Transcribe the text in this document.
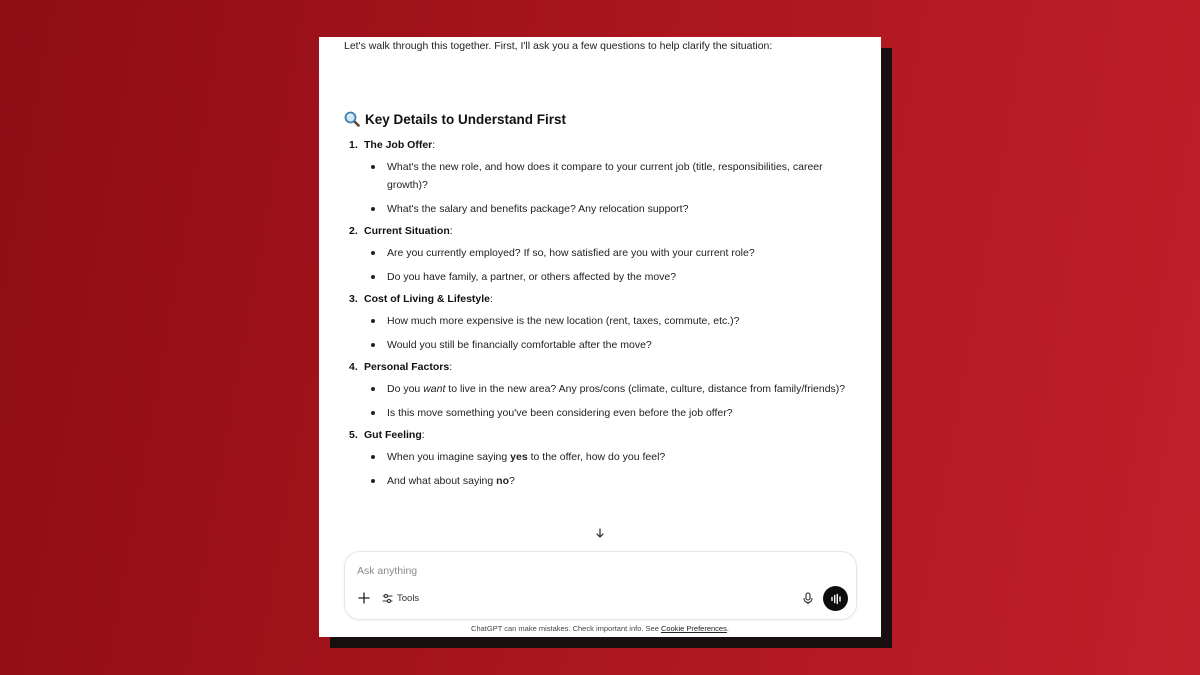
Let's walk through this together. First, I'll ask you a few questions to help clarify the situation:
Key Details to Understand First
1. The Job Offer :
What's the new role, and how does it compare to your current job (title, responsibilities, career growth)?
What's the salary and benefits package? Any relocation support?
2. Current Situation :
Are you currently employed? If so, how satisfied are you with your current role?
Do you have family, a partner, or others affected by the move?
3. Cost of Living & Lifestyle :
How much more expensive is the new location (rent, taxes, commute, etc.)?
Would you still be financially comfortable after the move?
4. Personal Factors :
Do you want to live in the new area? Any pros/cons (climate, culture, distance from family/friends)?
Is this move something you've been considering even before the job offer?
5. Gut Feeling :
When you imagine saying yes to the offer, how do you feel?
And what about saying no?
Ask anything
Tools
ChatGPT can make mistakes. Check important info. See Cookie Preferences.
